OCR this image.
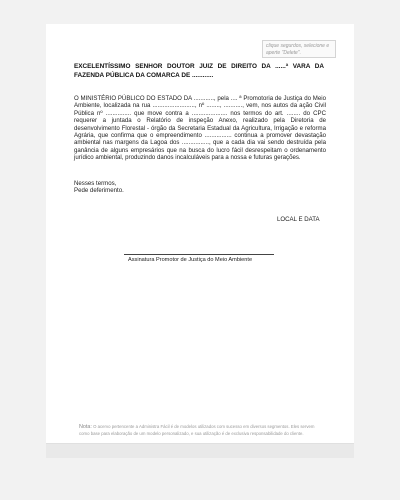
clique segurdos, selecione e aperte "Delete".
EXCELENTÍSSIMO SENHOR DOUTOR JUIZ DE DIREITO DA ......ª VARA DA FAZENDA PÚBLICA DA COMARCA DE ............
O MINISTÉRIO PÚBLICO DO ESTADO DA ............, pela .... ª Promotoria de Justiça do Meio Ambiente, localizada na rua ........................., nº ........, ..........., vem, nos autos da ação Civil Pública nº ............... que move contra a ..................... nos termos do art. ........ do CPC requerer a juntada o Relatório de inspeção Anexo, realizado pela Diretoria de desenvolvimento Florestal - órgão da Secretaria Estadual da Agricultura, Irrigação e reforma Agrária, que confirma que o empreendimento ................ continua a promover devastação ambiental nas margens da Lagoa dos ................, que a cada dia vai sendo destruída pela ganância de alguns empresários que na busca do lucro fácil desrespeitam o ordenamento jurídico ambiental, produzindo danos incalculáveis para a nossa e futuras gerações.
Nesses termos,
Pede deferimento.
LOCAL E DATA
Assinatura Promotor de Justiça do Meio Ambiente
Nota: O acervo pertencente a Administra Fácil é de modelos utilizados com sucesso em diversos segmentos. Eles servem como base para elaboração de um modelo personalizado, e sua utilização é de exclusiva responsabilidade do cliente.
